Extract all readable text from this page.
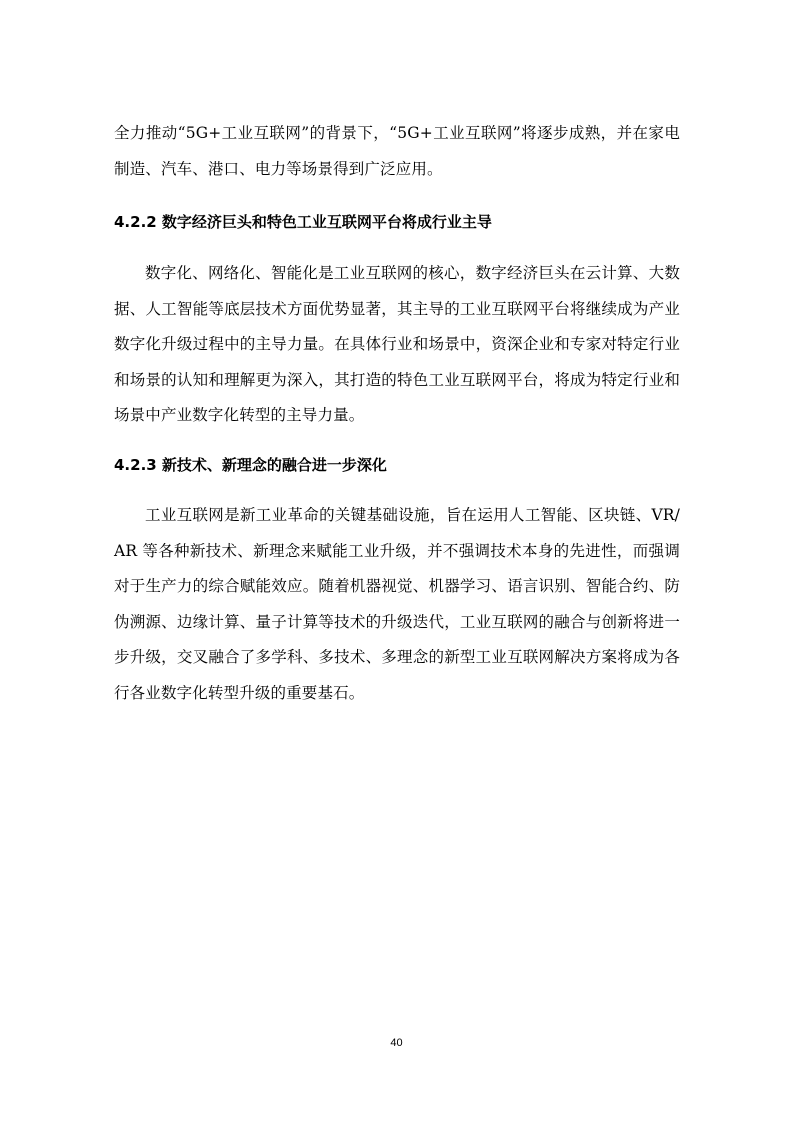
全力推动“5G+工业互联网”的背景下，“5G+工业互联网”将逐步成熟，并在家电制造、汽车、港口、电力等场景得到广泛应用。

4.2.2 数字经济巨头和特色工业互联网平台将成行业主导

数字化、网络化、智能化是工业互联网的核心，数字经济巨头在云计算、大数据、人工智能等底层技术方面优势显著，其主导的工业互联网平台将继续成为产业数字化升级过程中的主导力量。在具体行业和场景中，资深企业和专家对特定行业和场景的认知和理解更为深入，其打造的特色工业互联网平台，将成为特定行业和场景中产业数字化转型的主导力量。

4.2.3 新技术、新理念的融合进一步深化

工业互联网是新工业革命的关键基础设施，旨在运用人工智能、区块链、VR/AR 等各种新技术、新理念来赋能工业升级，并不强调技术本身的先进性，而强调对于生产力的综合赋能效应。随着机器视觉、机器学习、语言识别、智能合约、防伪溯源、边缘计算、量子计算等技术的升级迭代，工业互联网的融合与创新将进一步升级，交叉融合了多学科、多技术、多理念的新型工业互联网解决方案将成为各行各业数字化转型升级的重要基石。

40
